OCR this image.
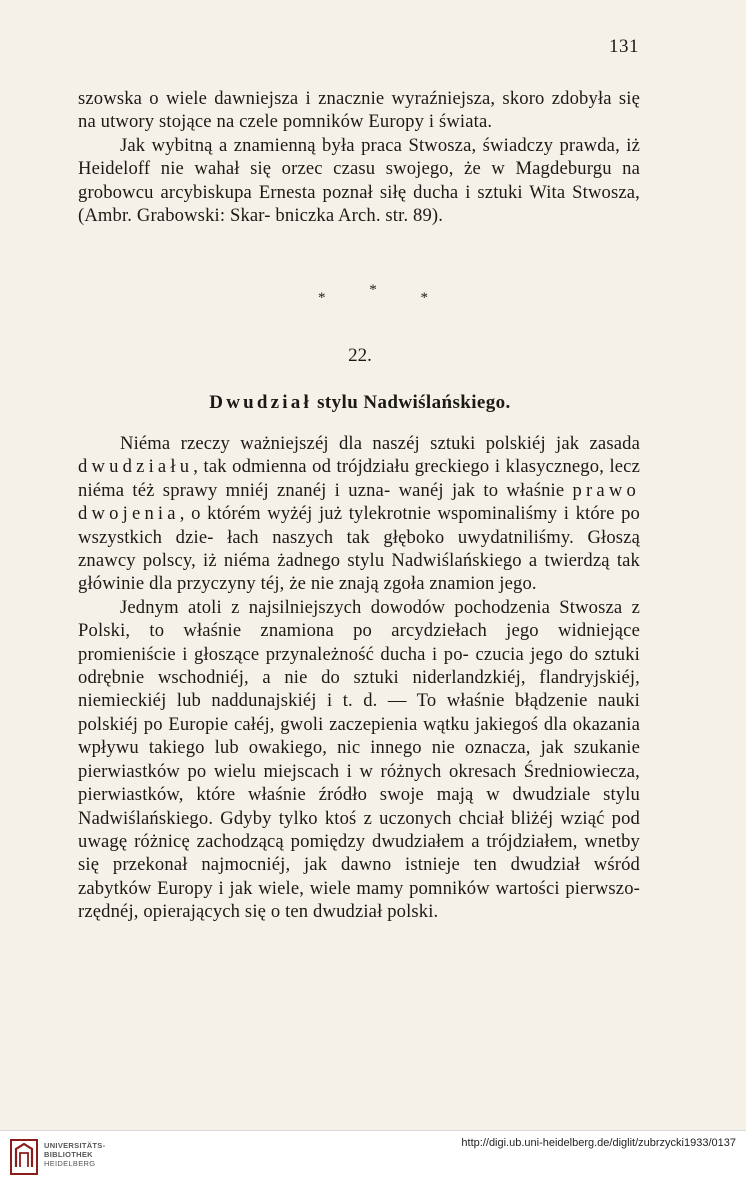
131

szowska o wiele dawniejsza i znacznie wyraźniejsza, skoro zdobyła się na utwory stojące na czele pomników Europy i świata.

Jak wybitną a znamienną była praca Stwosza, świadczy prawda, iż Heideloff nie wahał się orzec czasu swojego, że w Magdeburgu na grobowcu arcybiskupa Ernesta poznał siłę ducha i sztuki Wita Stwosza, (Ambr. Grabowski: Skar- bniczka Arch. str. 89).

*	*	*
22.
Dwudział stylu Nadwiślańskiego.

Niéma rzeczy ważniejszéj dla naszéj sztuki polskiéj jak zasada dwudziału, tak odmienna od trójdziału greckiego i klasycznego, lecz niéma téż sprawy mniéj znanéj i uzna- wanéj jak to właśnie prawo dwojenia, o którém wyżéj już tylekrotnie wspominaliśmy i które po wszystkich dzie- łach naszych tak głęboko uwydatniliśmy. Głoszą znawcy polscy, iż niéma żadnego stylu Nadwiślańskiego a twierdzą tak główinie dla przyczyny téj, że nie znają zgoła znamion jego.

Jednym atoli z najsilniejszych dowodów pochodzenia Stwosza z Polski, to właśnie znamiona po arcydziełach jego widniejące promieniście i głoszące przynależność ducha i po- czucia jego do sztuki odrębnie wschodniéj, a nie do sztuki niderlandzkiéj, flandryjskiéj, niemieckiéj lub naddunajskiéj i t. d. — To właśnie błądzenie nauki polskiéj po Europie całéj, gwoli zaczepienia wątku jakiegoś dla okazania wpływu takiego lub owakiego, nic innego nie oznacza, jak szukanie pierwiastków po wielu miejscach i w różnych okresach Średniowiecza, pierwiastków, które właśnie źródło swoje mają w dwudziale stylu Nadwiślańskiego. Gdyby tylko ktoś z uczonych chciał bliżéj wziąć pod uwagę różnicę zachodzącą pomiędzy dwudziałem a trójdziałem, wnetby się przekonał najmocniéj, jak dawno istnieje ten dwudział wśród zabytków Europy i jak wiele, wiele mamy pomników wartości pierwszo- rzędnéj, opierających się o ten dwudział polski.

UNIVERSITÄTS-
BIBLIOTHEK
HEIDELBERG
http://digi.ub.uni-heidelberg.de/diglit/zubrzycki1933/0137
